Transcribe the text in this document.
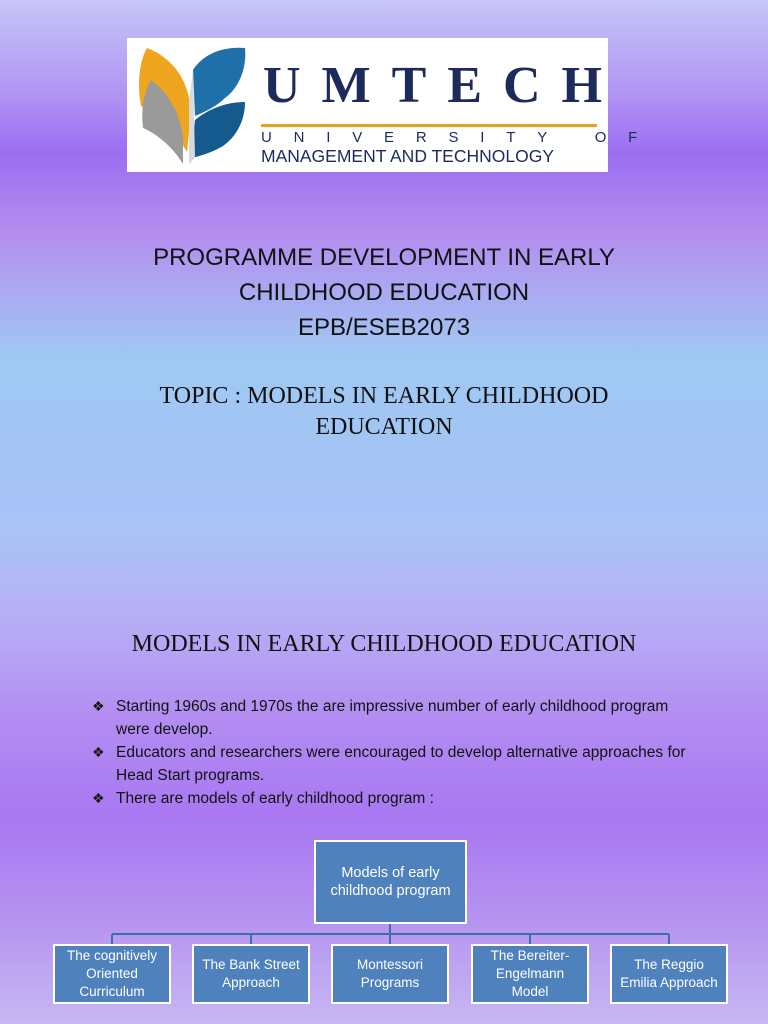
UMTECH
UNIVERSITY OF
MANAGEMENT AND TECHNOLOGY
PROGRAMME DEVELOPMENT IN EARLY
CHILDHOOD EDUCATION
EPB/ESEB2073
TOPIC : MODELS IN EARLY CHILDHOOD
EDUCATION
MODELS IN EARLY CHILDHOOD EDUCATION
❖ Starting 1960s and 1970s the are impressive number of early childhood program were develop.
❖ Educators and researchers were encouraged to develop alternative approaches for Head Start programs.
❖ There are models of early childhood program :
Models of early childhood program
The cognitively Oriented Curriculum
The Bank Street Approach
Montessori Programs
The Bereiter-Engelmann Model
The Reggio Emilia Approach
